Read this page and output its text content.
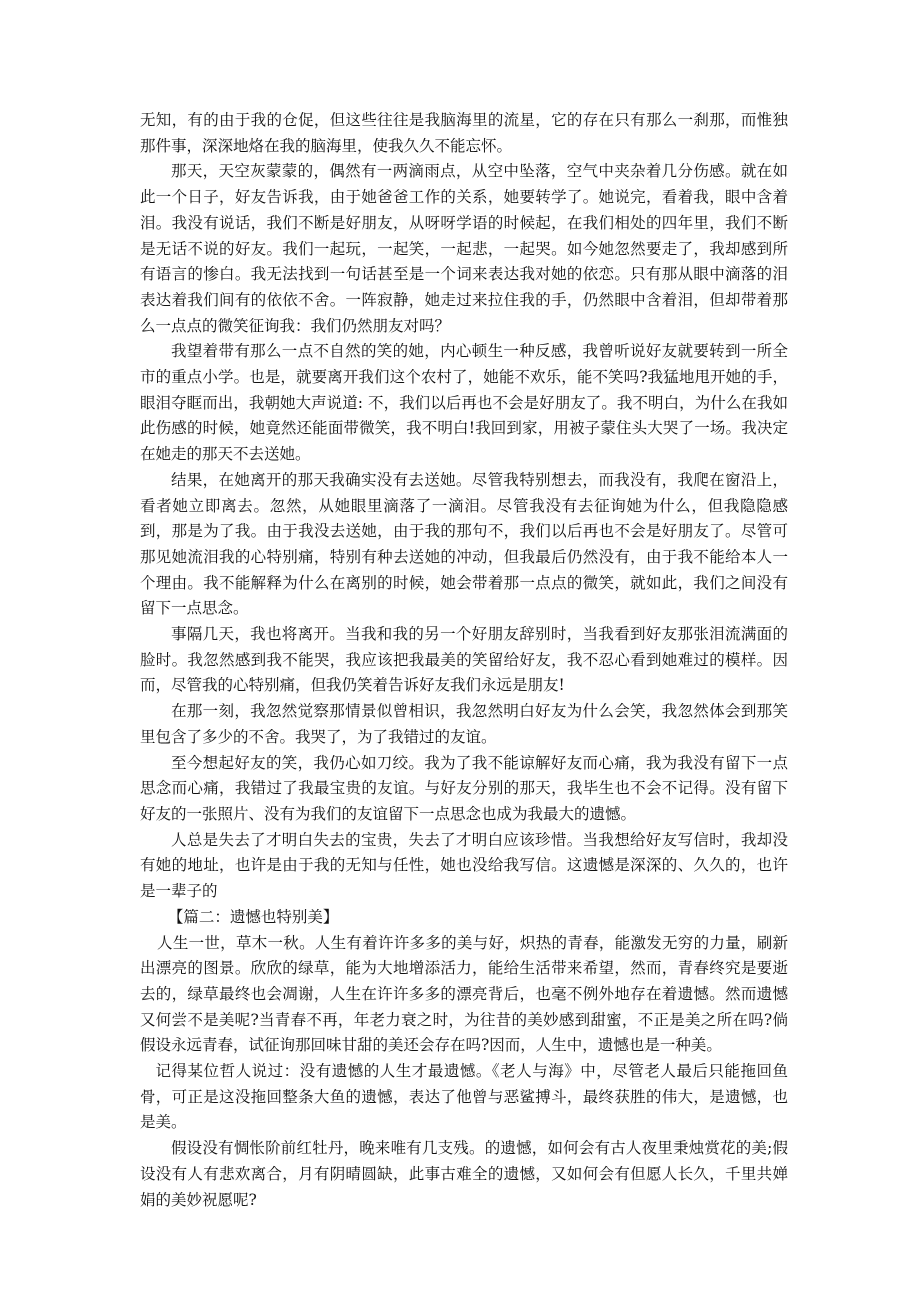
无知，有的由于我的仓促，但这些往往是我脑海里的流星，它的存在只有那么一刹那，而惟独那件事，深深地烙在我的脑海里，使我久久不能忘怀。

那天，天空灰蒙蒙的，偶然有一两滴雨点，从空中坠落，空气中夹杂着几分伤感。就在如此一个日子，好友告诉我，由于她爸爸工作的关系，她要转学了。她说完，看着我，眼中含着泪。我没有说话，我们不断是好朋友，从呀呀学语的时候起，在我们相处的四年里，我们不断是无话不说的好友。我们一起玩，一起笑，一起悲，一起哭。如今她忽然要走了，我却感到所有语言的惨白。我无法找到一句话甚至是一个词来表达我对她的依恋。只有那从眼中滴落的泪表达着我们间有的依依不舍。一阵寂静，她走过来拉住我的手，仍然眼中含着泪，但却带着那么一点点的微笑征询我：我们仍然朋友对吗？

我望着带有那么一点不自然的笑的她，内心顿生一种反感，我曾听说好友就要转到一所全市的重点小学。也是，就要离开我们这个农村了，她能不欢乐，能不笑吗?我猛地甩开她的手，眼泪夺眶而出，我朝她大声说道: 不，我们以后再也不会是好朋友了。我不明白，为什么在我如此伤感的时候，她竟然还能面带微笑，我不明白!我回到家，用被子蒙住头大哭了一场。我决定在她走的那天不去送她。

结果，在她离开的那天我确实没有去送她。尽管我特别想去，而我没有，我爬在窗沿上，看者她立即离去。忽然，从她眼里滴落了一滴泪。尽管我没有去征询她为什么，但我隐隐感到，那是为了我。由于我没去送她，由于我的那句不，我们以后再也不会是好朋友了。尽管可那见她流泪我的心特别痛，特别有种去送她的冲动，但我最后仍然没有，由于我不能给本人一个理由。我不能解释为什么在离别的时候，她会带着那一点点的微笑，就如此，我们之间没有留下一点思念。

事隔几天，我也将离开。当我和我的另一个好朋友辞别时，当我看到好友那张泪流满面的脸时。我忽然感到我不能哭，我应该把我最美的笑留给好友，我不忍心看到她难过的模样。因而，尽管我的心特别痛，但我仍笑着告诉好友我们永远是朋友!

在那一刻，我忽然觉察那情景似曾相识，我忽然明白好友为什么会笑，我忽然体会到那笑里包含了多少的不舍。我哭了，为了我错过的友谊。

至今想起好友的笑，我仍心如刀绞。我为了我不能谅解好友而心痛，我为我没有留下一点思念而心痛，我错过了我最宝贵的友谊。与好友分别的那天，我毕生也不会不记得。没有留下好友的一张照片、没有为我们的友谊留下一点思念也成为我最大的遗憾。

人总是失去了才明白失去的宝贵，失去了才明白应该珍惜。当我想给好友写信时，我却没有她的地址，也许是由于我的无知与任性，她也没给我写信。这遗憾是深深的、久久的，也许是一辈子的

【篇二：遗憾也特别美】

人生一世，草木一秋。人生有着许许多多的美与好，炽热的青春，能激发无穷的力量，刷新出漂亮的图景。欣欣的绿草，能为大地增添活力，能给生活带来希望，然而，青春终究是要逝去的，绿草最终也会凋谢，人生在许许多多的漂亮背后，也毫不例外地存在着遗憾。然而遗憾又何尝不是美呢?当青春不再，年老力衰之时，为往昔的美妙感到甜蜜，不正是美之所在吗?倘假设永远青春，试征询那回味甘甜的美还会存在吗?因而，人生中，遗憾也是一种美。

记得某位哲人说过：没有遗憾的人生才最遗憾。《老人与海》中，尽管老人最后只能拖回鱼骨，可正是这没拖回整条大鱼的遗憾，表达了他曾与恶鲨搏斗，最终获胜的伟大，是遗憾，也是美。

假设没有惆怅阶前红牡丹，晚来唯有几支残。的遗憾，如何会有古人夜里秉烛赏花的美;假设没有人有悲欢离合，月有阴晴圆缺，此事古难全的遗憾，又如何会有但愿人长久，千里共婵娟的美妙祝愿呢?
